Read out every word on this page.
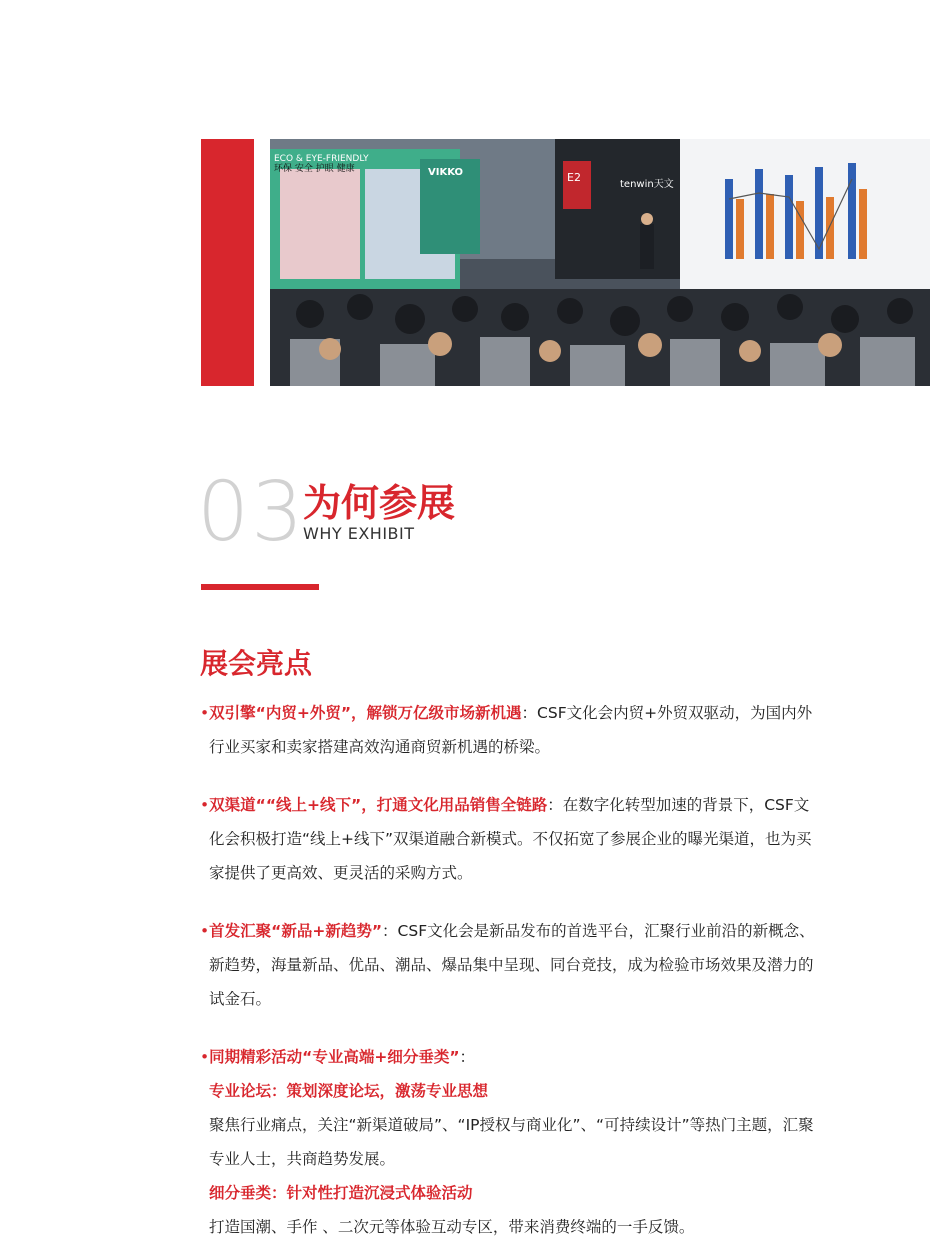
ECO & EYE-FRIENDLY
环保 安全 护眼 健康	VIKKO	E2
tenwin天文
03
为何参展
WHY EXHIBIT
展会亮点

•双引擎“内贸+外贸”，解锁万亿级市场新机遇：CSF文化会内贸+外贸双驱动，为国内外行业买家和卖家搭建高效沟通商贸新机遇的桥梁。

•双渠道““线上+线下”，打通文化用品销售全链路：在数字化转型加速的背景下，CSF文化会积极打造“线上+线下”双渠道融合新模式。不仅拓宽了参展企业的曝光渠道，也为买家提供了更高效、更灵活的采购方式。

•首发汇聚“新品+新趋势”：CSF文化会是新品发布的首选平台，汇聚行业前沿的新概念、新趋势，海量新品、优品、潮品、爆品集中呈现、同台竞技，成为检验市场效果及潜力的试金石。

•同期精彩活动“专业高端+细分垂类”：
专业论坛：策划深度论坛，激荡专业思想
聚焦行业痛点，关注“新渠道破局”、“IP授权与商业化”、“可持续设计”等热门主题，汇聚专业人士，共商趋势发展。
细分垂类：针对性打造沉浸式体验活动
打造国潮、手作 、二次元等体验互动专区，带来消费终端的一手反馈。
